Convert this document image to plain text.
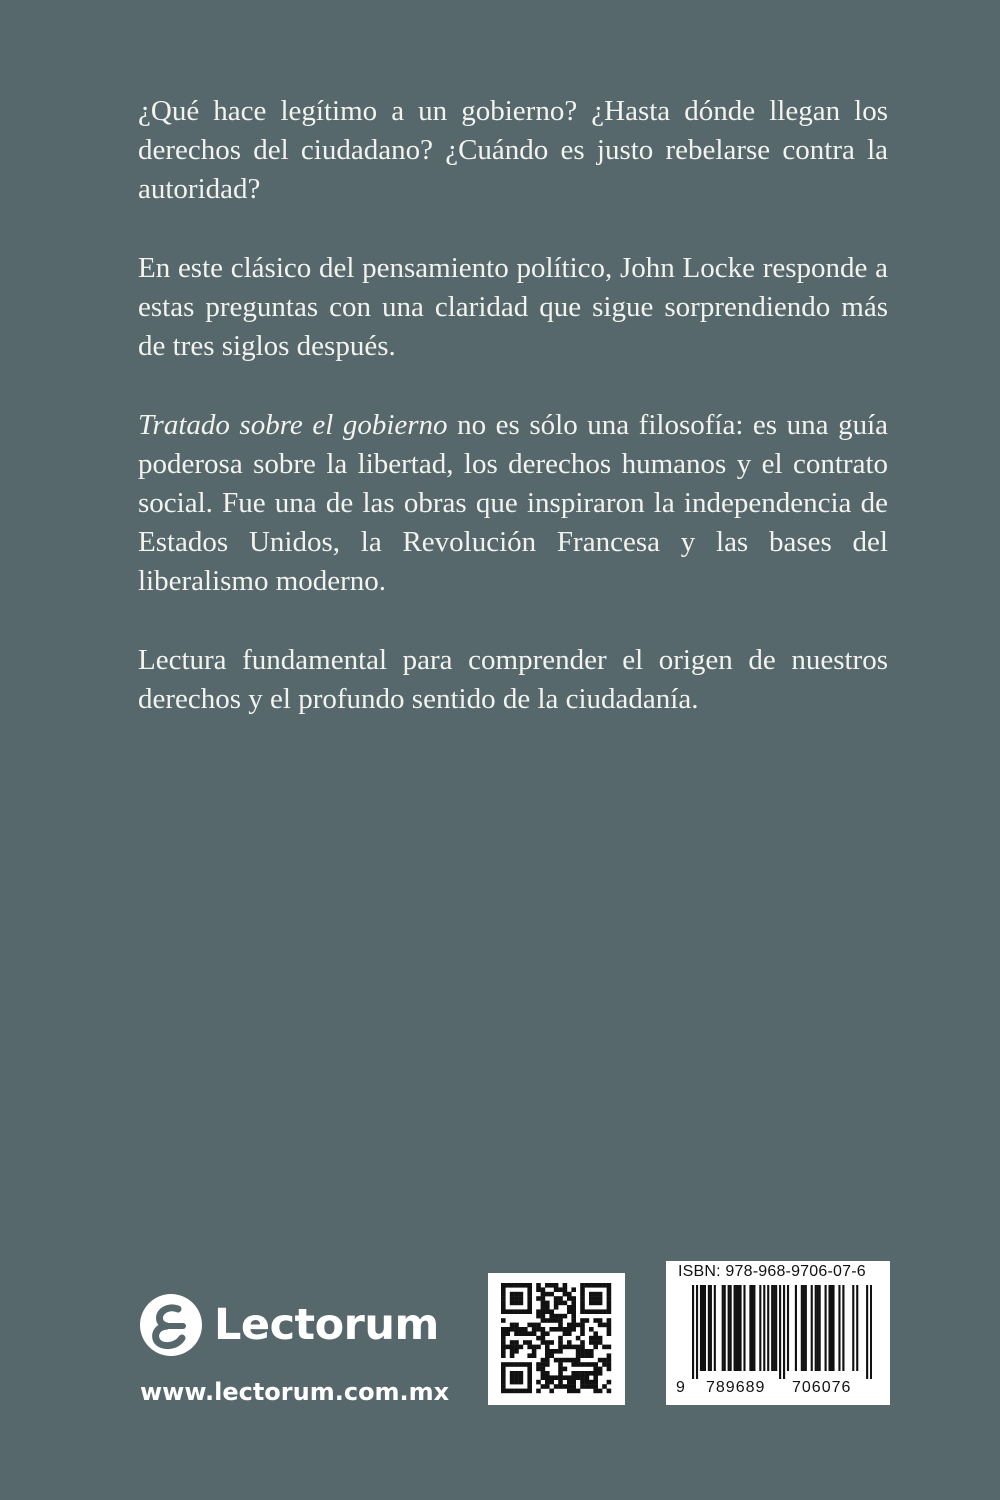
¿Qué hace legítimo a un gobierno? ¿Hasta dónde llegan los derechos del ciudadano? ¿Cuándo es justo rebelarse contra la autoridad?

En este clásico del pensamiento político, John Locke responde a estas preguntas con una claridad que sigue sorprendiendo más de tres siglos después.

Tratado sobre el gobierno no es sólo una filosofía: es una guía poderosa sobre la libertad, los derechos humanos y el contrato social. Fue una de las obras que inspiraron la independencia de Estados Unidos, la Revolución Francesa y las bases del liberalismo moderno.

Lectura fundamental para comprender el origen de nuestros derechos y el profundo sentido de la ciudadanía.

Lectorum
www.lectorum.com.mx
ISBN: 978-968-9706-07-6
9 789689 706076
